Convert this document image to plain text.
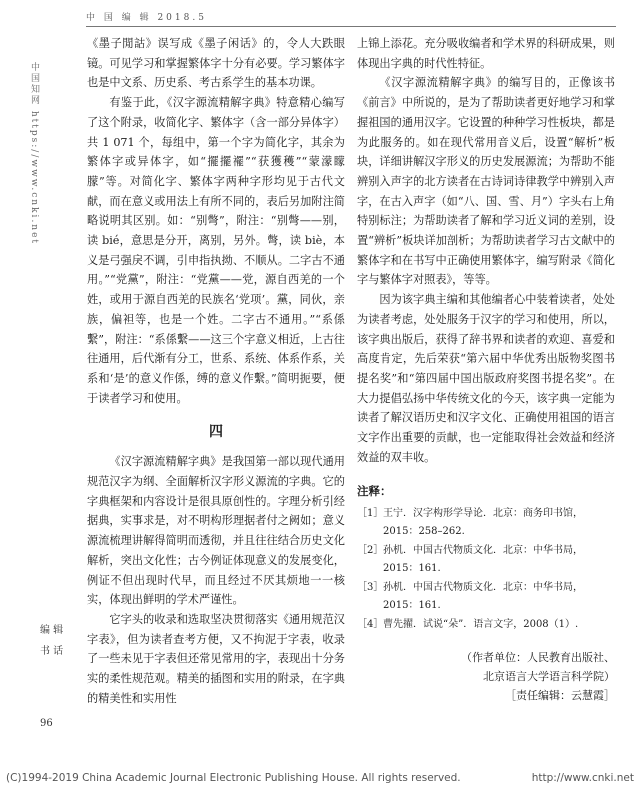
中国知网 https://www.cnki.net
中 国 编 辑 2018.5
编 辑
书 话
96

《墨子閒詁》误写成《墨子闲话》的，令人大跌眼镜。可见学习和掌握繁体字十分有必要。学习繁体字也是中文系、历史系、考古系学生的基本功课。

有鉴于此，《汉字源流精解字典》特意精心编写了这个附录，收简化字、繁体字（含一部分异体字）共 1 071 个，每组中，第一个字为简化字，其余为繁体字或异体字，如“擺擺襬”“获獲穫”“蒙濛矇朦”等。对简化字、繁体字两种字形均见于古代文献，而在意义或用法上有所不同的，表后另加附注简略说明其区别。如：“别彆”，附注：“别彆——别，读 bié，意思是分开，离别，另外。彆，读 biè，本义是弓强戾不调，引申指执拗、不顺从。二字古不通用。”“党黨”，附注：“党黨——党，源自西羌的一个姓，或用于源自西羌的民族名‘党项’。黨，同伙，亲族，偏袒等，也是一个姓。二字古不通用。”“系係繫”，附注：“系係繫——这三个字意义相近，上古往往通用，后代渐有分工，世系、系统、体系作系，关系和‘是’的意义作係，缚的意义作繫。”简明扼要，便于读者学习和使用。

四

《汉字源流精解字典》是我国第一部以现代通用规范汉字为纲、全面解析汉字形义源流的字典。它的字典框架和内容设计是很具原创性的。字理分析引经据典，实事求是，对不明构形理据者付之阙如；意义源流梳理讲解得简明而透彻，并且往往结合历史文化解析，突出文化性；古今例证体现意义的发展变化，例证不但出现时代早，而且经过不厌其烦地一一核实，体现出鲜明的学术严谨性。

它字头的收录和选取坚决贯彻落实《通用规范汉字表》，但为读者查考方便，又不拘泥于字表，收录了一些未见于字表但还常见常用的字，表现出十分务实的柔性规范观。精美的插图和实用的附录，在字典的精美性和实用性

上锦上添花。充分吸收编者和学术界的科研成果，则体现出字典的时代性特征。

《汉字源流精解字典》的编写目的，正像该书《前言》中所说的，是为了帮助读者更好地学习和掌握祖国的通用汉字。它设置的种种学习性板块，都是为此服务的。如在现代常用音义后，设置“解析”板块，详细讲解汉字形义的历史发展源流；为帮助不能辨别入声字的北方读者在古诗词诗律教学中辨别入声字，在古入声字（如“八、国、雪、月”）字头右上角特别标注；为帮助读者了解和学习近义词的差别，设置“辨析”板块详加剖析；为帮助读者学习古文献中的繁体字和在书写中正确使用繁体字，编写附录《简化字与繁体字对照表》，等等。

因为该字典主编和其他编者心中装着读者，处处为读者考虑，处处服务于汉字的学习和使用，所以，该字典出版后，获得了辞书界和读者的欢迎、喜爱和高度肯定，先后荣获“第六届中华优秀出版物奖图书提名奖”和“第四届中国出版政府奖图书提名奖”。在大力提倡弘扬中华传统文化的今天，该字典一定能为读者了解汉语历史和汉字文化、正确使用祖国的语言文字作出重要的贡献，也一定能取得社会效益和经济效益的双丰收。

注释：
［1］ 王宁．汉字构形学导论．北京：商务印书馆，2015：258–262.
［2］ 孙机．中国古代物质文化．北京：中华书局，2015：161.
［3］ 孙机．中国古代物质文化．北京：中华书局，2015：161.
［4］ 曹先擢．试说“朵”．语言文字，2008（1）.
（作者单位：人民教育出版社、
北京语言大学语言科学院）
［责任编辑：云慧霞］
(C)1994-2019 China Academic Journal Electronic Publishing House. All rights reserved.	http://www.cnki.net
